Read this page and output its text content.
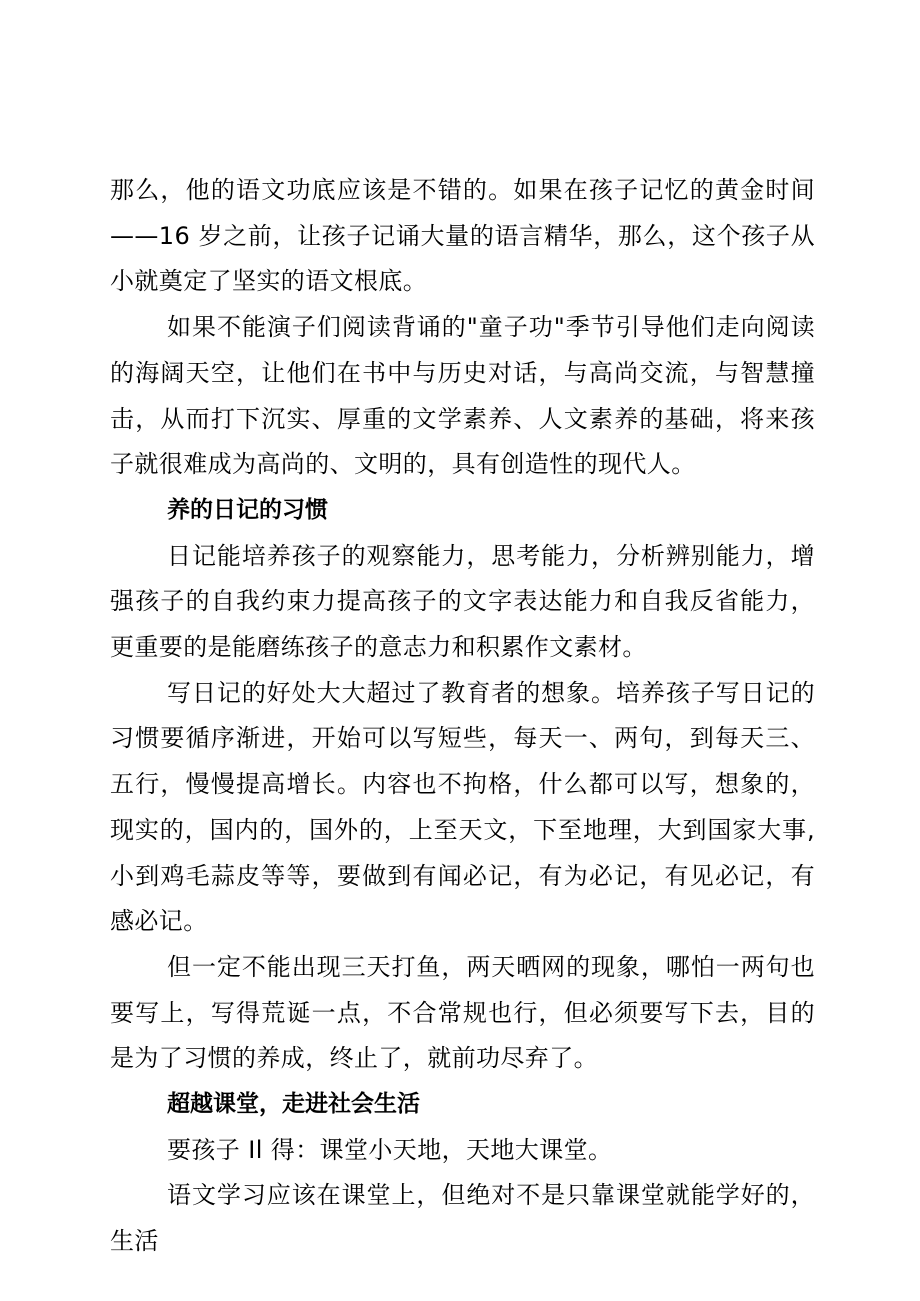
那么，他的语文功底应该是不错的。如果在孩子记忆的黄金时间——16 岁之前，让孩子记诵大量的语言精华，那么，这个孩子从小就奠定了坚实的语文根底。

如果不能演子们阅读背诵的"童子功"季节引导他们走向阅读的海阔天空，让他们在书中与历史对话，与高尚交流，与智慧撞击，从而打下沉实、厚重的文学素养、人文素养的基础，将来孩子就很难成为高尚的、文明的，具有创造性的现代人。

养的日记的习惯

日记能培养孩子的观察能力，思考能力，分析辨别能力，增强孩子的自我约束力提高孩子的文字表达能力和自我反省能力，更重要的是能磨练孩子的意志力和积累作文素材。

写日记的好处大大超过了教育者的想象。培养孩子写日记的习惯要循序渐进，开始可以写短些，每天一、两句，到每天三、五行，慢慢提高增长。内容也不拘格，什么都可以写，想象的，现实的，国内的，国外的，上至天文，下至地理，大到国家大事,小到鸡毛蒜皮等等，要做到有闻必记，有为必记，有见必记，有感必记。

但一定不能出现三天打鱼，两天晒网的现象，哪怕一两句也要写上，写得荒诞一点，不合常规也行，但必须要写下去，目的是为了习惯的养成，终止了，就前功尽弃了。

超越课堂，走进社会生活

要孩子 Il 得：课堂小天地，天地大课堂。

语文学习应该在课堂上，但绝对不是只靠课堂就能学好的，生活
